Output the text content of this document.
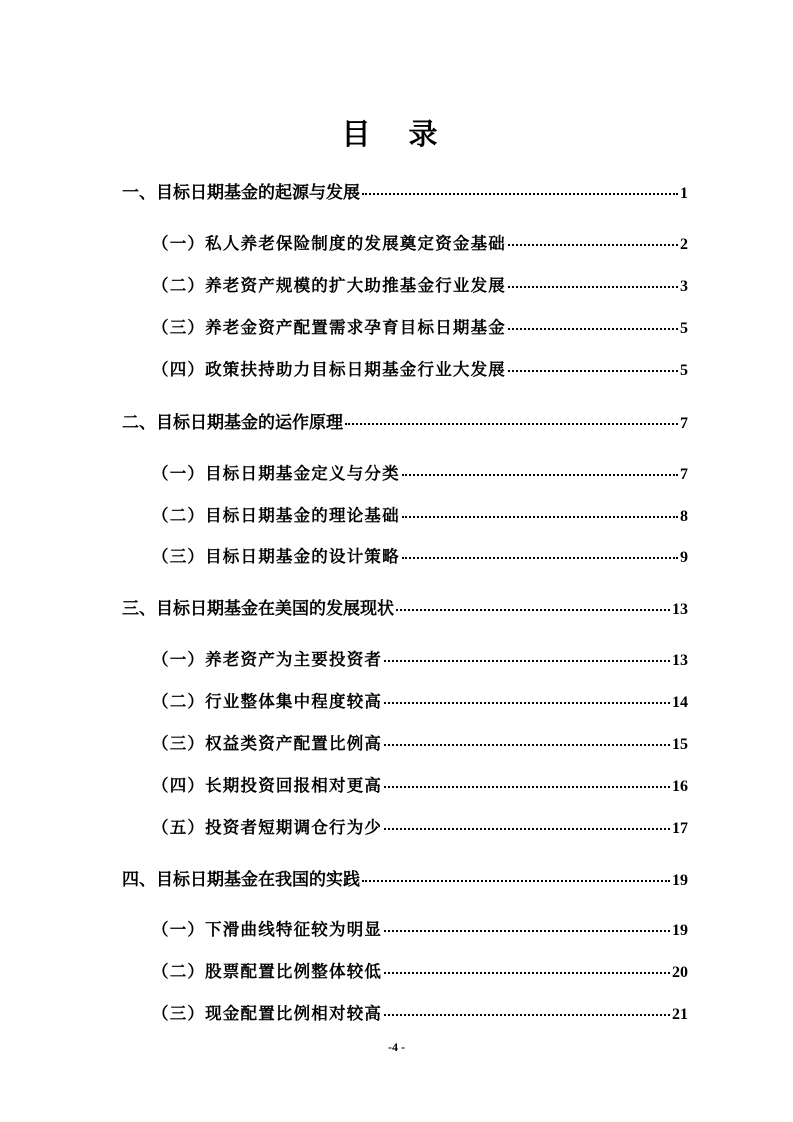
目 录
一、目标日期基金的起源与发展	1
（一）私人养老保险制度的发展奠定资金基础	2
（二）养老资产规模的扩大助推基金行业发展	3
（三）养老金资产配置需求孕育目标日期基金	5
（四）政策扶持助力目标日期基金行业大发展	5
二、目标日期基金的运作原理	7
（一）目标日期基金定义与分类	7
（二）目标日期基金的理论基础	8
（三）目标日期基金的设计策略	9
三、目标日期基金在美国的发展现状	13
（一）养老资产为主要投资者	13
（二）行业整体集中程度较高	14
（三）权益类资产配置比例高	15
（四）长期投资回报相对更高	16
（五）投资者短期调仓行为少	17
四、目标日期基金在我国的实践	19
（一）下滑曲线特征较为明显	19
（二）股票配置比例整体较低	20
（三）现金配置比例相对较高	21
-4 -
